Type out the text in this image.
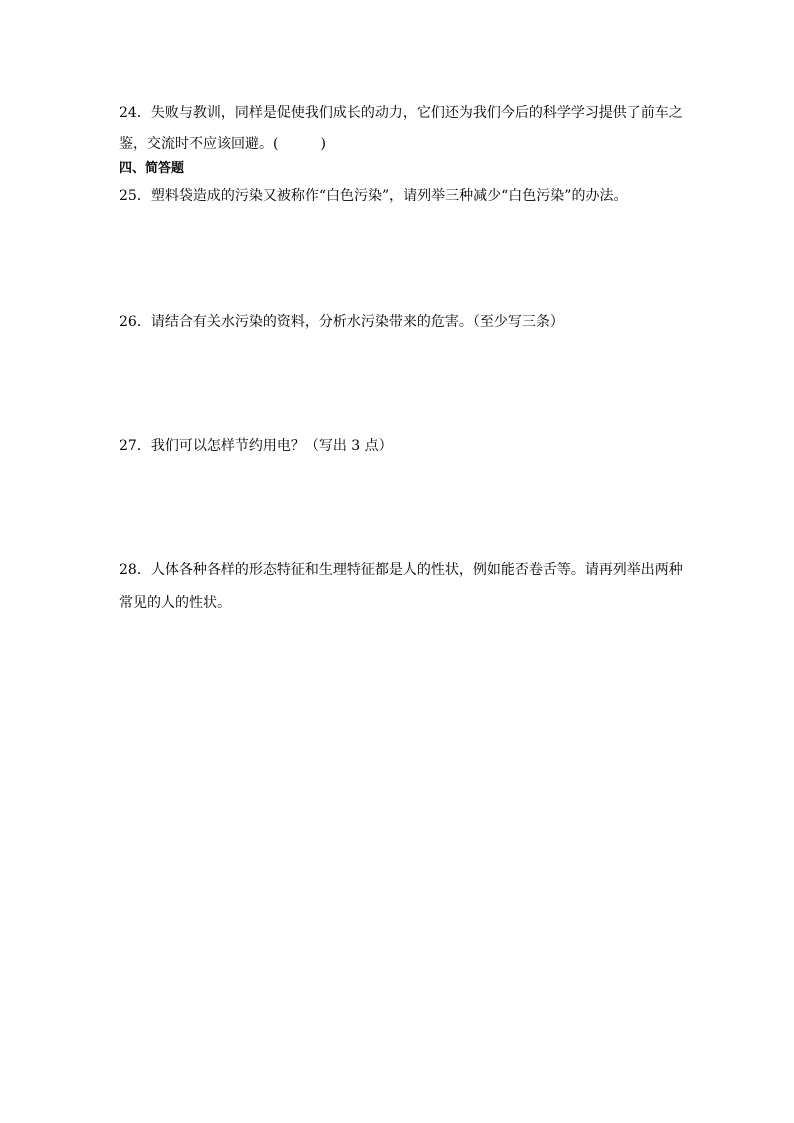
24．失败与教训，同样是促使我们成长的动力，它们还为我们今后的科学学习提供了前车之
鉴，交流时不应该回避。(　　　)
四、简答题
25．塑料袋造成的污染又被称作“白色污染”，请列举三种减少“白色污染”的办法。
26．请结合有关水污染的资料，分析水污染带来的危害。（至少写三条）
27．我们可以怎样节约用电？（写出 3 点）
28．人体各种各样的形态特征和生理特征都是人的性状，例如能否卷舌等。请再列举出两种
常见的人的性状。
